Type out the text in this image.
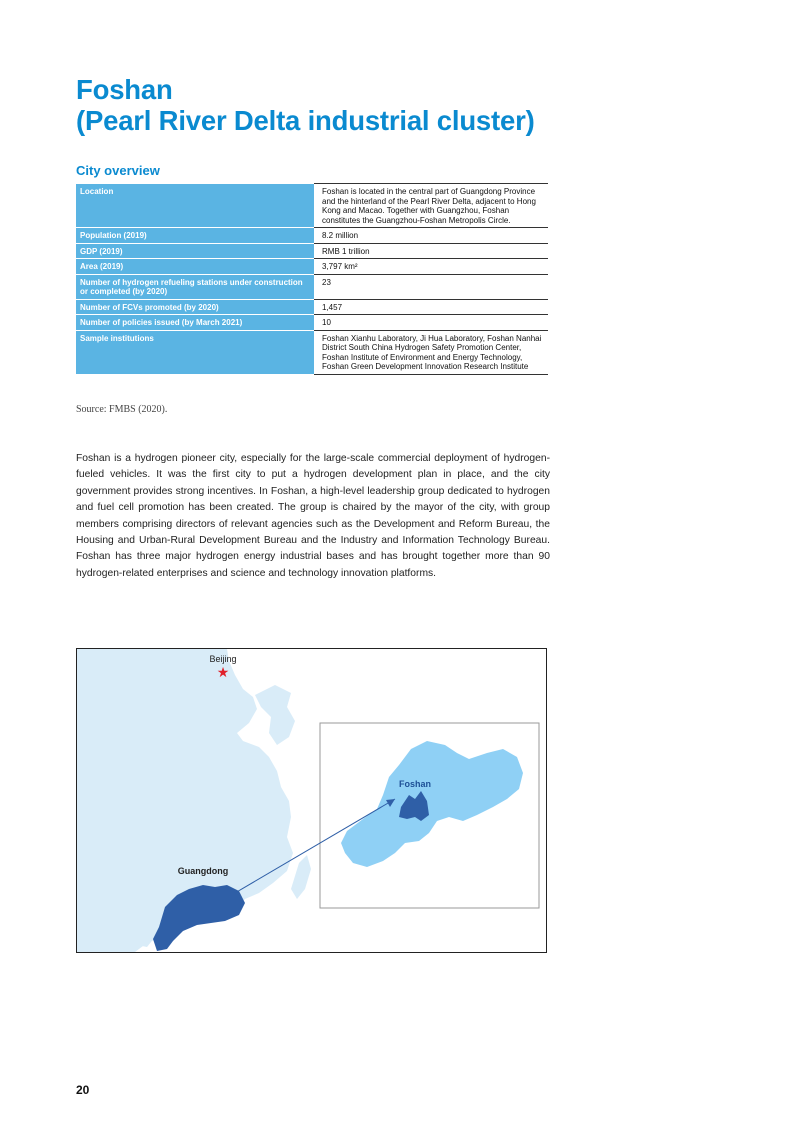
Foshan
(Pearl River Delta industrial cluster)
City overview
Location	Foshan is located in the central part of Guangdong Province and the hinterland of the Pearl River Delta, adjacent to Hong Kong and Macao. Together with Guangzhou, Foshan constitutes the Guangzhou-Foshan Metropolis Circle.
Population (2019)	8.2 million
GDP (2019)	RMB 1 trillion
Area (2019)	3,797 km²
Number of hydrogen refueling stations under construction or completed (by 2020)	23
Number of FCVs promoted (by 2020)	1,457
Number of policies issued (by March 2021)	10
Sample institutions	Foshan Xianhu Laboratory, Ji Hua Laboratory, Foshan Nanhai District South China Hydrogen Safety Promotion Center, Foshan Institute of Environment and Energy Technology, Foshan Green Development Innovation Research Institute

Source: FMBS (2020).

Foshan is a hydrogen pioneer city, especially for the large-scale commercial deployment of hydrogen-fueled vehicles. It was the first city to put a hydrogen development plan in place, and the city government provides strong incentives. In Foshan, a high-level leadership group dedicated to hydrogen and fuel cell promotion has been created. The group is chaired by the mayor of the city, with group members comprising directors of relevant agencies such as the Development and Reform Bureau, the Housing and Urban-Rural Development Bureau and the Industry and Information Technology Bureau. Foshan has three major hydrogen energy industrial bases and has brought together more than 90 hydrogen-related enterprises and science and technology innovation platforms.

★
Beijing
Guangdong
Foshan

20
